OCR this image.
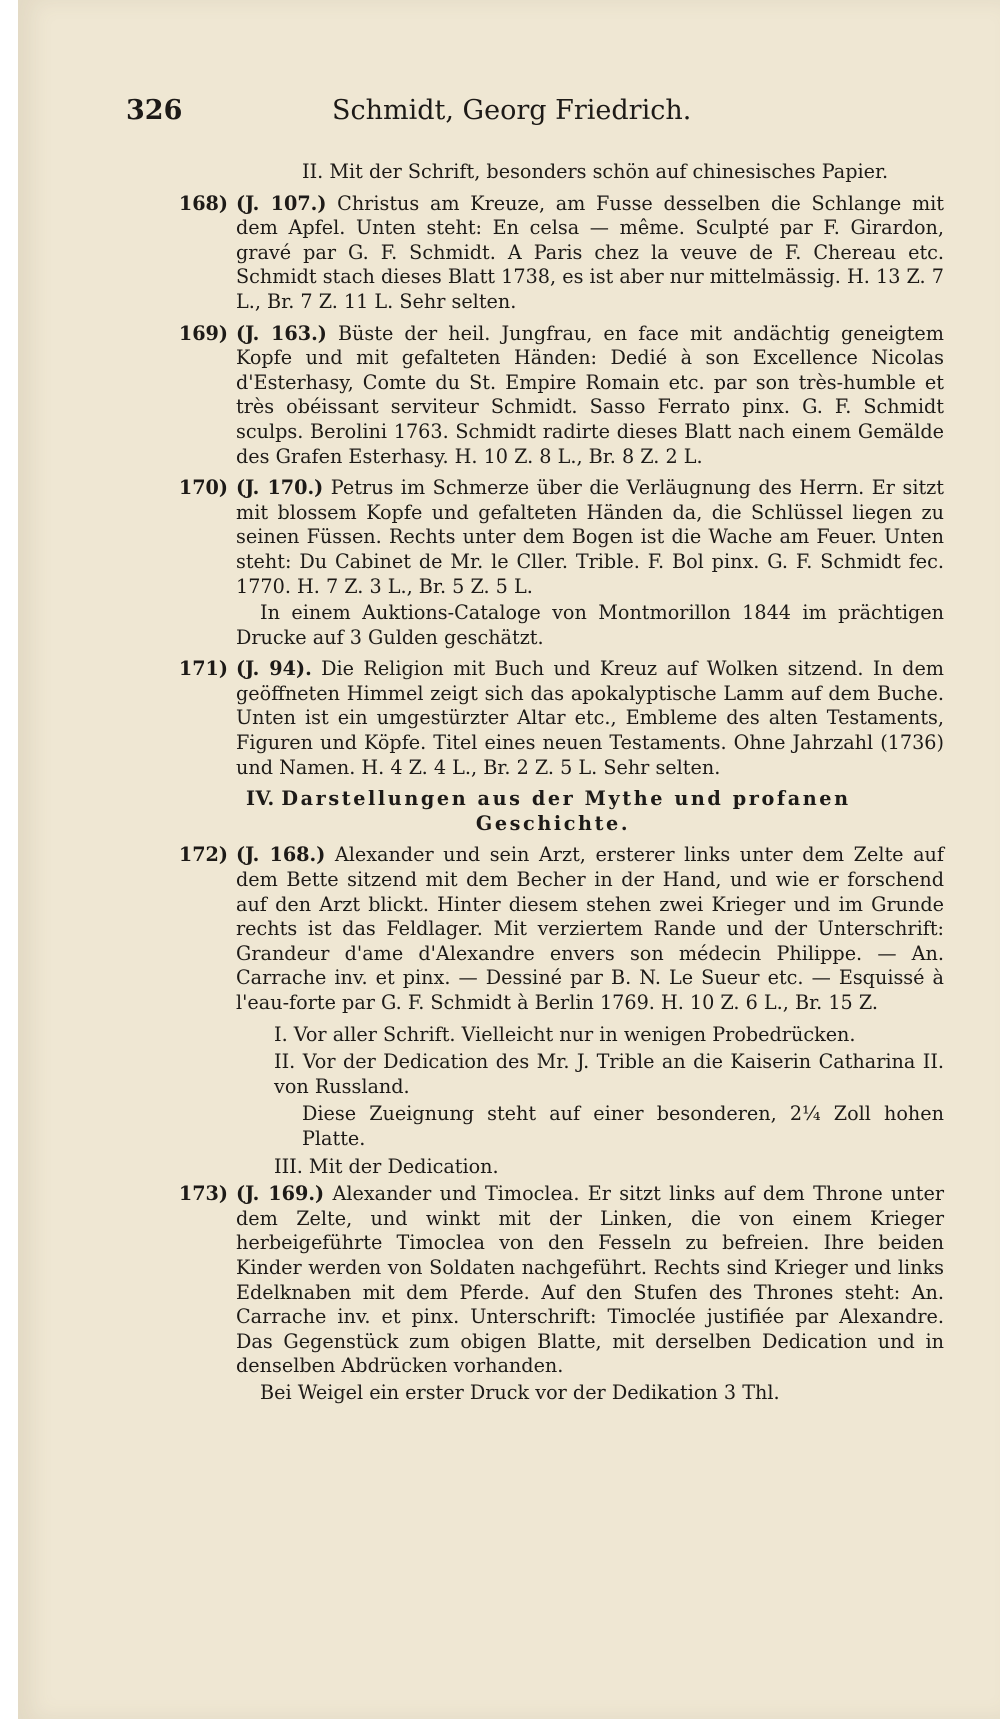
326	Schmidt, Georg Friedrich.
II. Mit der Schrift, besonders schön auf chinesisches Papier.
168) (J. 107.) Christus am Kreuze, am Fusse desselben die Schlange mit dem Apfel. Unten steht: En celsa — même. Sculpté par F. Girardon, gravé par G. F. Schmidt. A Paris chez la veuve de F. Chereau etc. Schmidt stach dieses Blatt 1738, es ist aber nur mittelmässig. H. 13 Z. 7 L., Br. 7 Z. 11 L. Sehr selten.
169) (J. 163.) Büste der heil. Jungfrau, en face mit andächtig geneigtem Kopfe und mit gefalteten Händen: Dedié à son Excellence Nicolas d'Esterhasy, Comte du St. Empire Romain etc. par son très-humble et très obéissant serviteur Schmidt. Sasso Ferrato pinx. G. F. Schmidt sculps. Berolini 1763. Schmidt radirte dieses Blatt nach einem Gemälde des Grafen Esterhasy. H. 10 Z. 8 L., Br. 8 Z. 2 L.
170) (J. 170.) Petrus im Schmerze über die Verläugnung des Herrn. Er sitzt mit blossem Kopfe und gefalteten Händen da, die Schlüssel liegen zu seinen Füssen. Rechts unter dem Bogen ist die Wache am Feuer. Unten steht: Du Cabinet de Mr. le Cller. Trible. F. Bol pinx. G. F. Schmidt fec. 1770. H. 7 Z. 3 L., Br. 5 Z. 5 L.
In einem Auktions-Cataloge von Montmorillon 1844 im prächtigen Drucke auf 3 Gulden geschätzt.
171) (J. 94). Die Religion mit Buch und Kreuz auf Wolken sitzend. In dem geöffneten Himmel zeigt sich das apokalyptische Lamm auf dem Buche. Unten ist ein umgestürzter Altar etc., Embleme des alten Testaments, Figuren und Köpfe. Titel eines neuen Testaments. Ohne Jahrzahl (1736) und Namen. H. 4 Z. 4 L., Br. 2 Z. 5 L. Sehr selten.
IV. Darstellungen aus der Mythe und profanen
Geschichte.
172) (J. 168.) Alexander und sein Arzt, ersterer links unter dem Zelte auf dem Bette sitzend mit dem Becher in der Hand, und wie er forschend auf den Arzt blickt. Hinter diesem stehen zwei Krieger und im Grunde rechts ist das Feldlager. Mit verziertem Rande und der Unterschrift: Grandeur d'ame d'Alexandre envers son médecin Philippe. — An. Carrache inv. et pinx. — Dessiné par B. N. Le Sueur etc. — Esquissé à l'eau-forte par G. F. Schmidt à Berlin 1769. H. 10 Z. 6 L., Br. 15 Z.
I. Vor aller Schrift. Vielleicht nur in wenigen Probedrücken.
II. Vor der Dedication des Mr. J. Trible an die Kaiserin Catharina II. von Russland.
Diese Zueignung steht auf einer besonderen, 2¼ Zoll hohen Platte.
III. Mit der Dedication.
173) (J. 169.) Alexander und Timoclea. Er sitzt links auf dem Throne unter dem Zelte, und winkt mit der Linken, die von einem Krieger herbeigeführte Timoclea von den Fesseln zu befreien. Ihre beiden Kinder werden von Soldaten nachgeführt. Rechts sind Krieger und links Edelknaben mit dem Pferde. Auf den Stufen des Thrones steht: An. Carrache inv. et pinx. Unterschrift: Timoclée justifiée par Alexandre. Das Gegenstück zum obigen Blatte, mit derselben Dedication und in denselben Abdrücken vorhanden.
Bei Weigel ein erster Druck vor der Dedikation 3 Thl.
